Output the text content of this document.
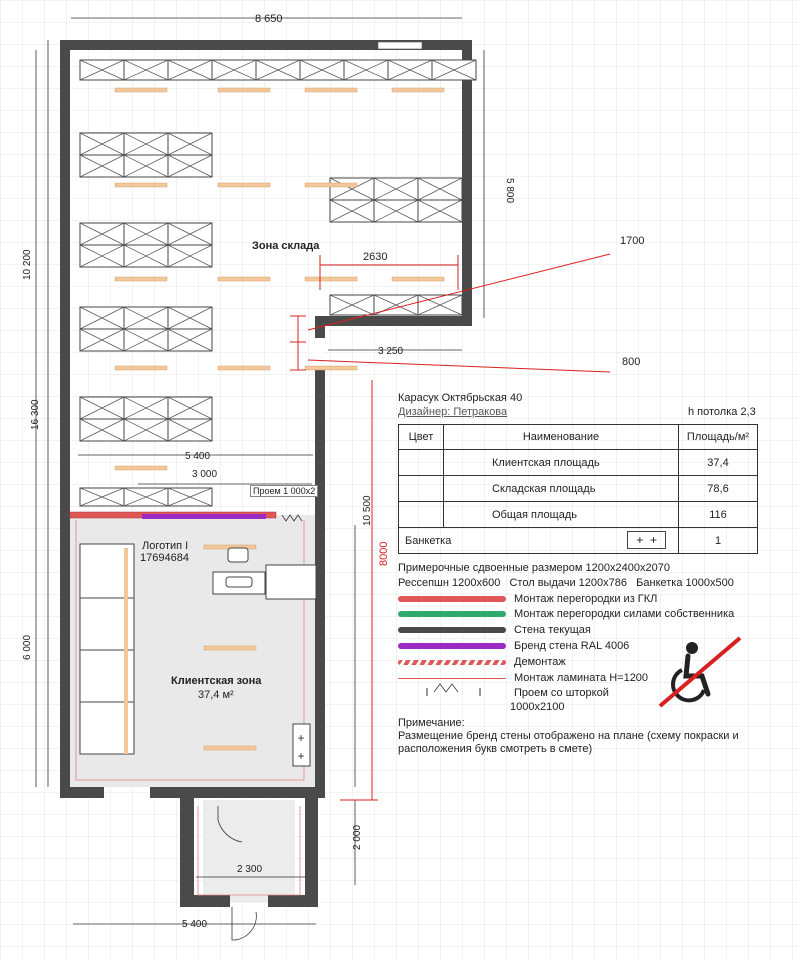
+
+
8 650
10 200
16 300
6 000
5 800
Зона склада
2630
1700
3 250
800
5 400
3 000
Проем 1 000х2
Логотип I
17694684
Клиентская зона
37,4 м²
10 500
8000
2 000
2 300
5 400
Карасук Октябрьская 40
Дизайнер: Петракова	h потолка 2,3
Цвет	Наименование	Площадь/м²
	Клиентская площадь	37,4
	Складская площадь	78,6
	Общая площадь	116
Банкетка +  +		1
Примерочные сдвоенные размером 1200х2400х2070
Рессепшн 1200х600   Стол выдачи 1200х786   Банкетка 1000х500
Монтаж перегородки из ГКЛ
Монтаж перегородки силами собственника
Стена текущая
Бренд стена RAL 4006
Демонтаж
Монтаж ламината Н=1200
Проем со шторкой
1000х2100
Примечание:
Размещение бренд стены отображено на плане (схему покраски и
расположения букв смотреть в смете)
